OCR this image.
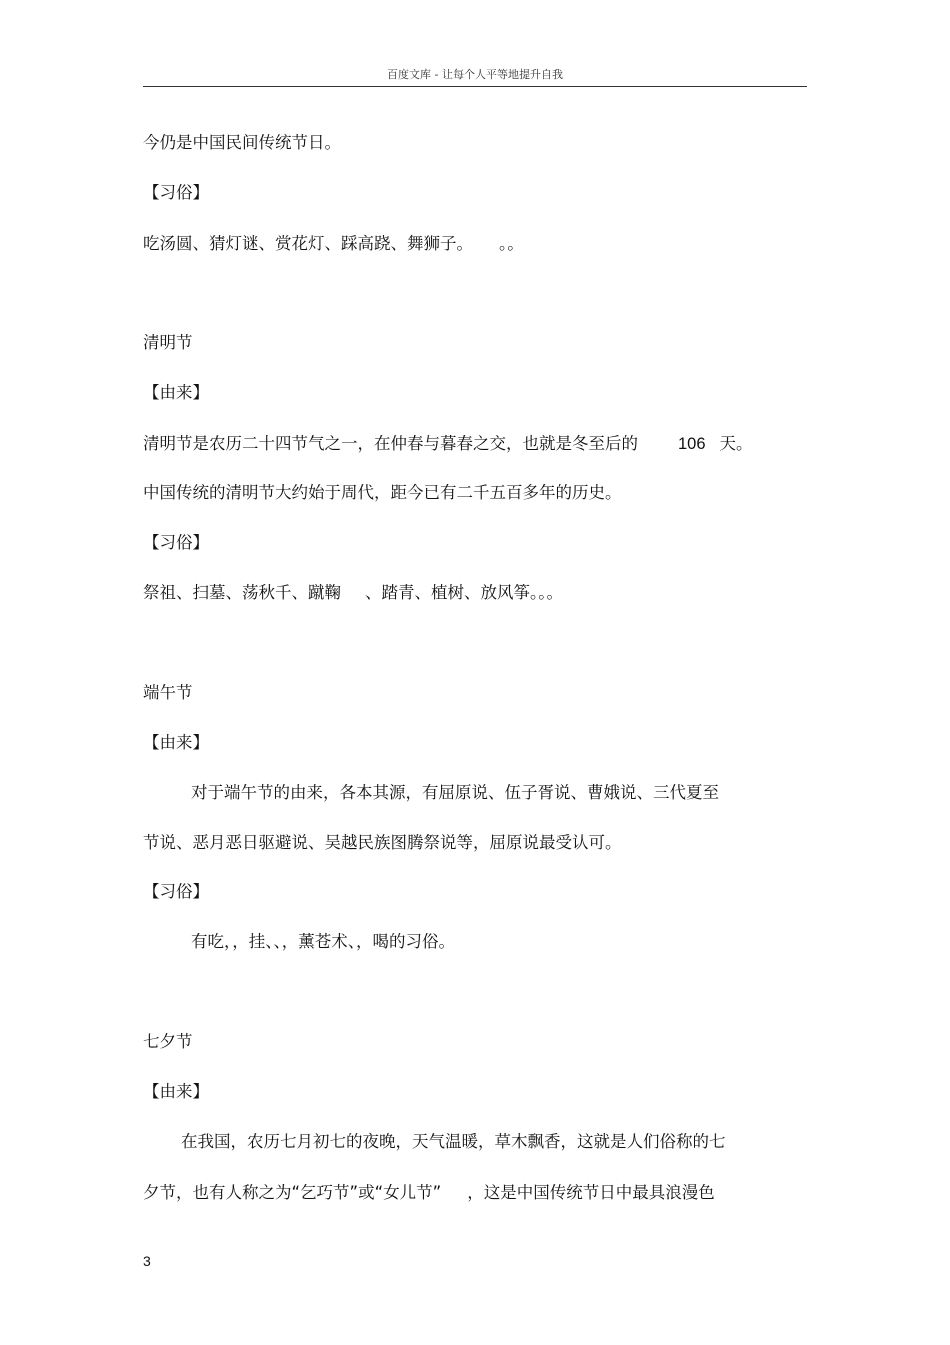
百度文库 - 让每个人平等地提升自我
今仍是中国民间传统节日。
【习俗】
吃汤圆、猜灯谜、赏花灯、踩高跷、舞狮子。 。。
清明节
【由来】
清明节是农历二十四节气之一，在仲春与暮春之交，也就是冬至后的 106 天。
中国传统的清明节大约始于周代，距今已有二千五百多年的历史。
【习俗】
祭祖、扫墓、荡秋千、蹴鞠 、踏青、植树、放风筝。。。
端午节
【由来】
对于端午节的由来，各本其源，有屈原说、伍子胥说、曹娥说、三代夏至
节说、恶月恶日驱避说、吴越民族图腾祭说等，屈原说最受认可。
【习俗】
有吃，，挂、、，薰苍术、，喝的习俗。
七夕节
【由来】
在我国，农历七月初七的夜晚，天气温暖，草木飘香，这就是人们俗称的七
夕节，也有人称之为“乞巧节”或“女儿节” ，这是中国传统节日中最具浪漫色
3
